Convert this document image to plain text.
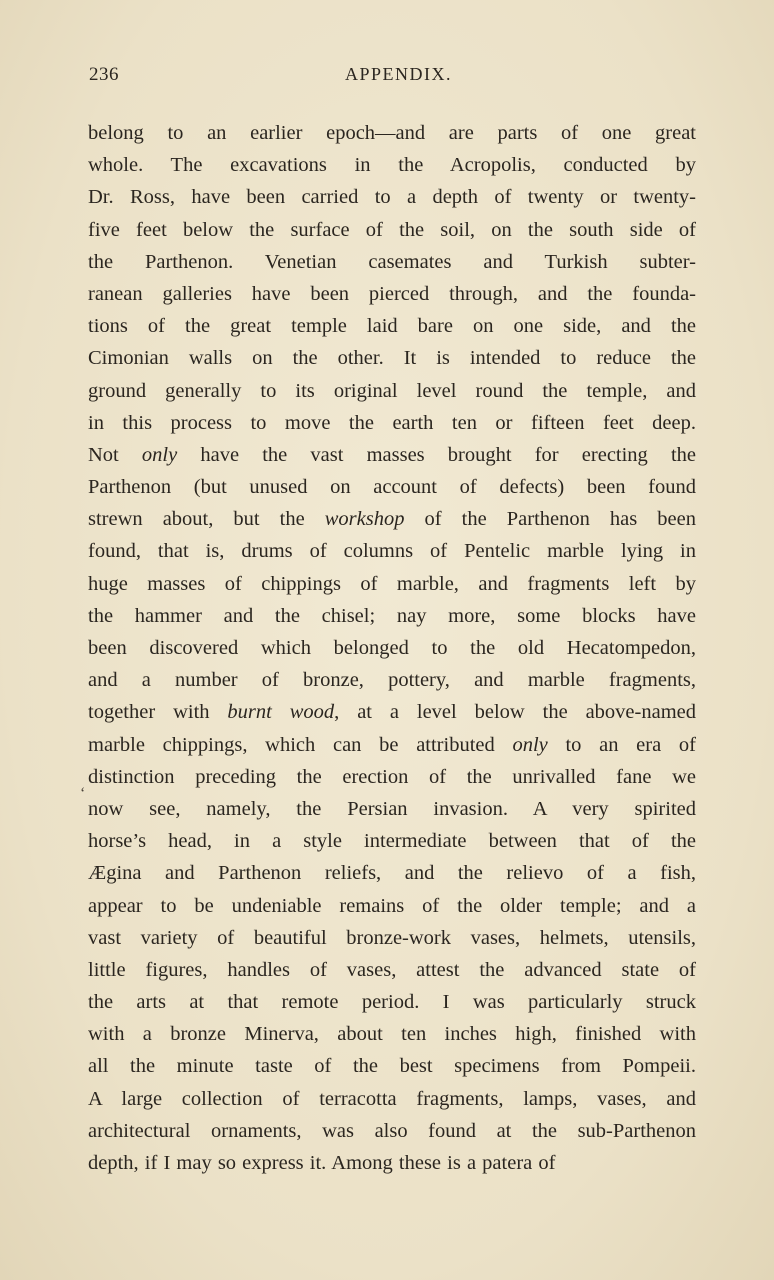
236	APPENDIX.
‘
belong to an earlier epoch—and are parts of one great
whole. The excavations in the Acropolis, conducted by
Dr. Ross, have been carried to a depth of twenty or twenty-
five feet below the surface of the soil, on the south side of
the Parthenon. Venetian casemates and Turkish subter-
ranean galleries have been pierced through, and the founda-
tions of the great temple laid bare on one side, and the
Cimonian walls on the other. It is intended to reduce the
ground generally to its original level round the temple, and
in this process to move the earth ten or fifteen feet deep.
Not only have the vast masses brought for erecting the
Parthenon (but unused on account of defects) been found
strewn about, but the workshop of the Parthenon has been
found, that is, drums of columns of Pentelic marble lying in
huge masses of chippings of marble, and fragments left by
the hammer and the chisel; nay more, some blocks have
been discovered which belonged to the old Hecatompedon,
and a number of bronze, pottery, and marble fragments,
together with burnt wood, at a level below the above-named
marble chippings, which can be attributed only to an era of
distinction preceding the erection of the unrivalled fane we
now see, namely, the Persian invasion. A very spirited
horse’s head, in a style intermediate between that of the
Ægina and Parthenon reliefs, and the relievo of a fish,
appear to be undeniable remains of the older temple; and a
vast variety of beautiful bronze-work vases, helmets, utensils,
little figures, handles of vases, attest the advanced state of
the arts at that remote period. I was particularly struck
with a bronze Minerva, about ten inches high, finished with
all the minute taste of the best specimens from Pompeii.
A large collection of terracotta fragments, lamps, vases, and
architectural ornaments, was also found at the sub-Parthenon
depth, if I may so express it. Among these is a patera of
